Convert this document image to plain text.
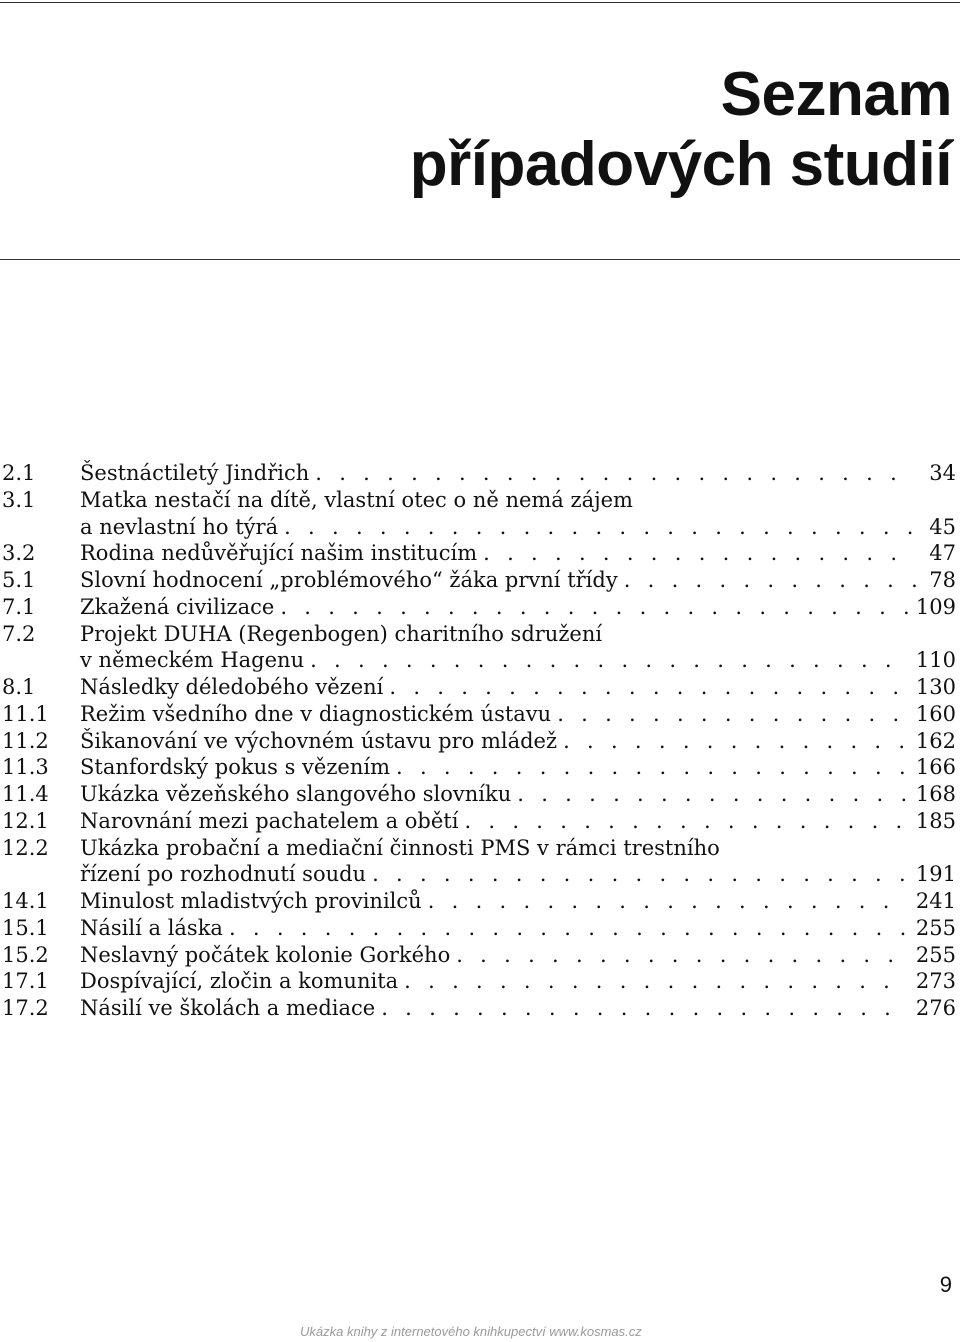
Seznam
případových studií
2.1 Šestnáctiletý Jindřich . . .	34
3.1 Matka nestačí na dítě, vlastní otec o ně nemá zájem
a nevlastní ho týrá . . .	45
3.2 Rodina nedůvěřující našim institucím . . .	47
5.1 Slovní hodnocení „problémového“ žáka první třídy . . .	78
7.1 Zkažená civilizace . . .	109
7.2 Projekt DUHA (Regenbogen) charitního sdružení
v německém Hagenu . . .	110
8.1 Následky déledobého vězení . . .	130
11.1 Režim všedního dne v diagnostickém ústavu . . .	160
11.2 Šikanování ve výchovném ústavu pro mládež . . .	162
11.3 Stanfordský pokus s vězením . . .	166
11.4 Ukázka vězeňského slangového slovníku . . .	168
12.1 Narovnání mezi pachatelem a obětí . . .	185
12.2 Ukázka probační a mediační činnosti PMS v rámci trestního
řízení po rozhodnutí soudu . . .	191
14.1 Minulost mladistvých provinilců . . .	241
15.1 Násilí a láska . . .	255
15.2 Neslavný počátek kolonie Gorkého . . .	255
17.1 Dospívající, zločin a komunita . . .	273
17.2 Násilí ve školách a mediace . . .	276
9
Ukázka knihy z internetového knihkupectví www.kosmas.cz
